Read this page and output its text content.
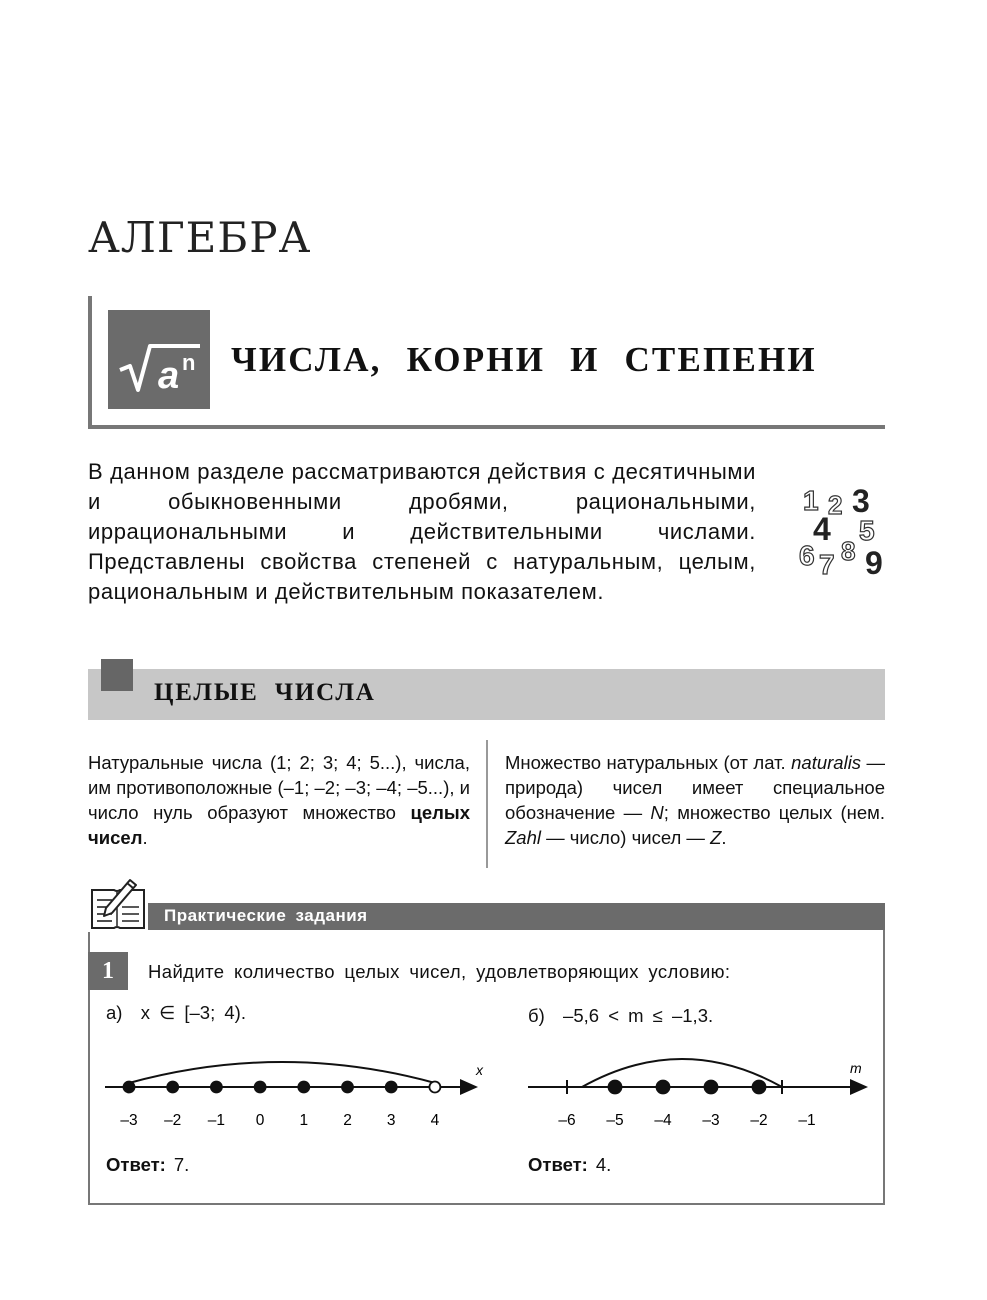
АЛГЕБРА
a n ЧИСЛА, КОРНИ И СТЕПЕНИ
В данном разделе рассматриваются действия с десятичными и обыкновенными дробями, рациональными, иррациональными и действительными числами. Представлены свойства степеней с натуральным, целым, рациональным и действительным показателем.
1 2 3
4 5
6 7 8 9
ЦЕЛЫЕ ЧИСЛА
Натуральные числа (1; 2; 3; 4; 5...), числа, им противоположные (–1; –2; –3; –4; –5...), и число нуль образуют множество целых чисел.
Множество натуральных (от лат. naturalis — природа) чисел имеет специальное обозначение — N; множество целых (нем. Zahl — число) чисел — Z.
Практические задания
1	Найдите количество целых чисел, удовлетворяющих условию:
а) x ∈ [–3; 4).	б) –5,6 < m ≤ –1,3.
x
–3 –2 –1 0 1 2 3 4
m
–6 –5 –4 –3 –2 –1
Ответ: 7.	Ответ: 4.
